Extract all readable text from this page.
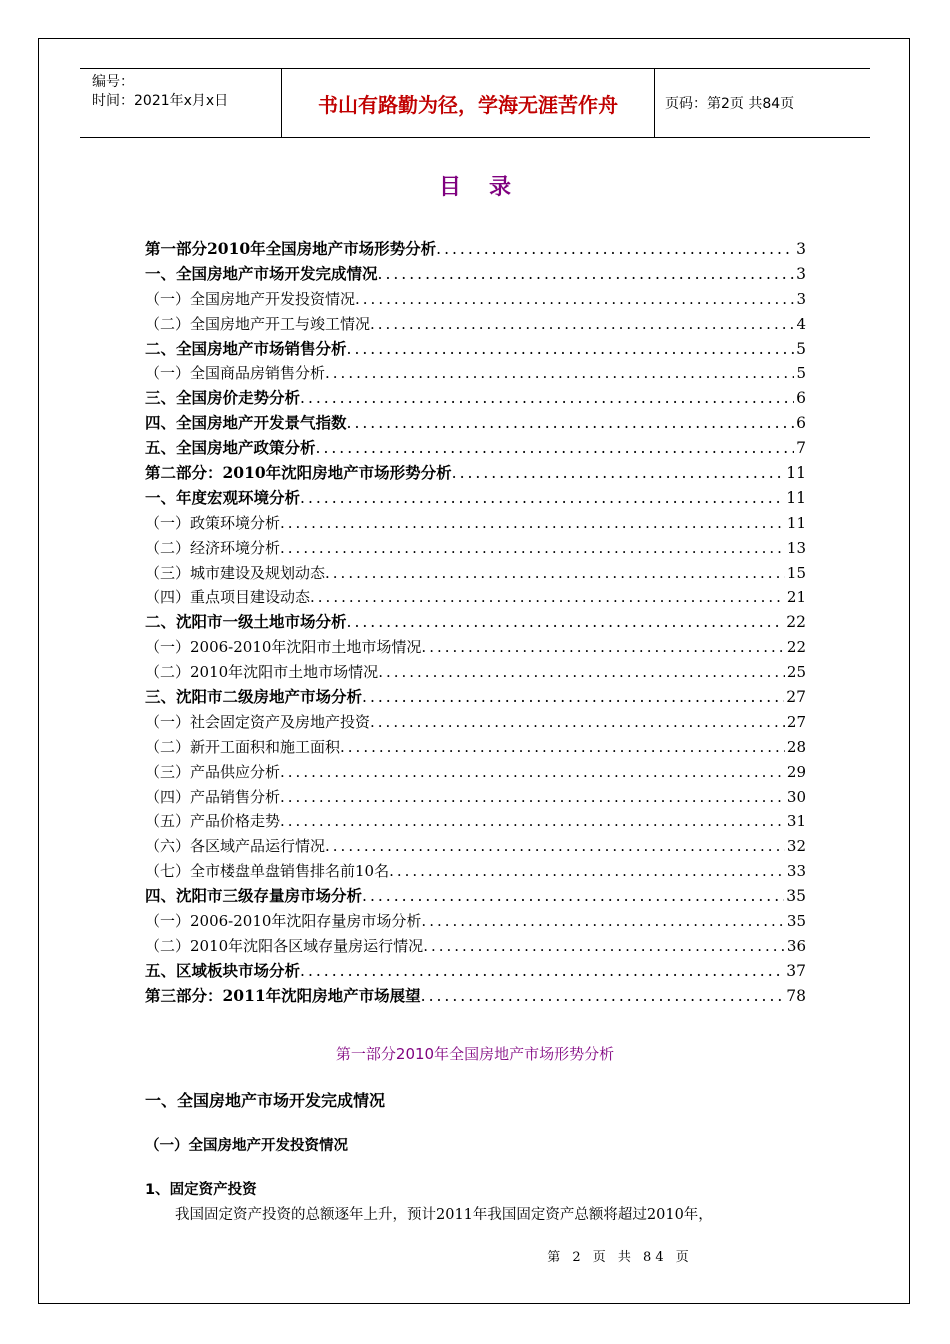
编号：
时间：2021年x月x日	书山有路勤为径，学海无涯苦作舟	页码：第2页 共84页
目录
第一部分2010年全国房地产市场形势分析 .....	3
一、全国房地产市场开发完成情况 .....	3
（一）全国房地产开发投资情况 .....	3
（二）全国房地产开工与竣工情况 .....	4
二、全国房地产市场销售分析 .....	5
（一）全国商品房销售分析 .....	5
三、全国房价走势分析 .....	6
四、全国房地产开发景气指数 .....	6
五、全国房地产政策分析 .....	7
第二部分：2010年沈阳房地产市场形势分析 .....	11
一、年度宏观环境分析 .....	11
（一）政策环境分析 .....	11
（二）经济环境分析 .....	13
（三）城市建设及规划动态 .....	15
（四）重点项目建设动态 .....	21
二、沈阳市一级土地市场分析 .....	22
（一）2006-2010年沈阳市土地市场情况 .....	22
（二）2010年沈阳市土地市场情况 .....	25
三、沈阳市二级房地产市场分析 .....	27
（一）社会固定资产及房地产投资 .....	27
（二）新开工面积和施工面积 .....	28
（三）产品供应分析 .....	29
（四）产品销售分析 .....	30
（五）产品价格走势 .....	31
（六）各区域产品运行情况 .....	32
（七）全市楼盘单盘销售排名前10名 .....	33
四、沈阳市三级存量房市场分析 .....	35
（一）2006-2010年沈阳存量房市场分析 .....	35
（二）2010年沈阳各区域存量房运行情况 .....	36
五、区域板块市场分析 .....	37
第三部分：2011年沈阳房地产市场展望 .....	78
第一部分2010年全国房地产市场形势分析
一、全国房地产市场开发完成情况
（一）全国房地产开发投资情况
1、固定资产投资
我国固定资产投资的总额逐年上升，预计2011年我国固定资产总额将超过2010年，
第 2 页 共 84 页
